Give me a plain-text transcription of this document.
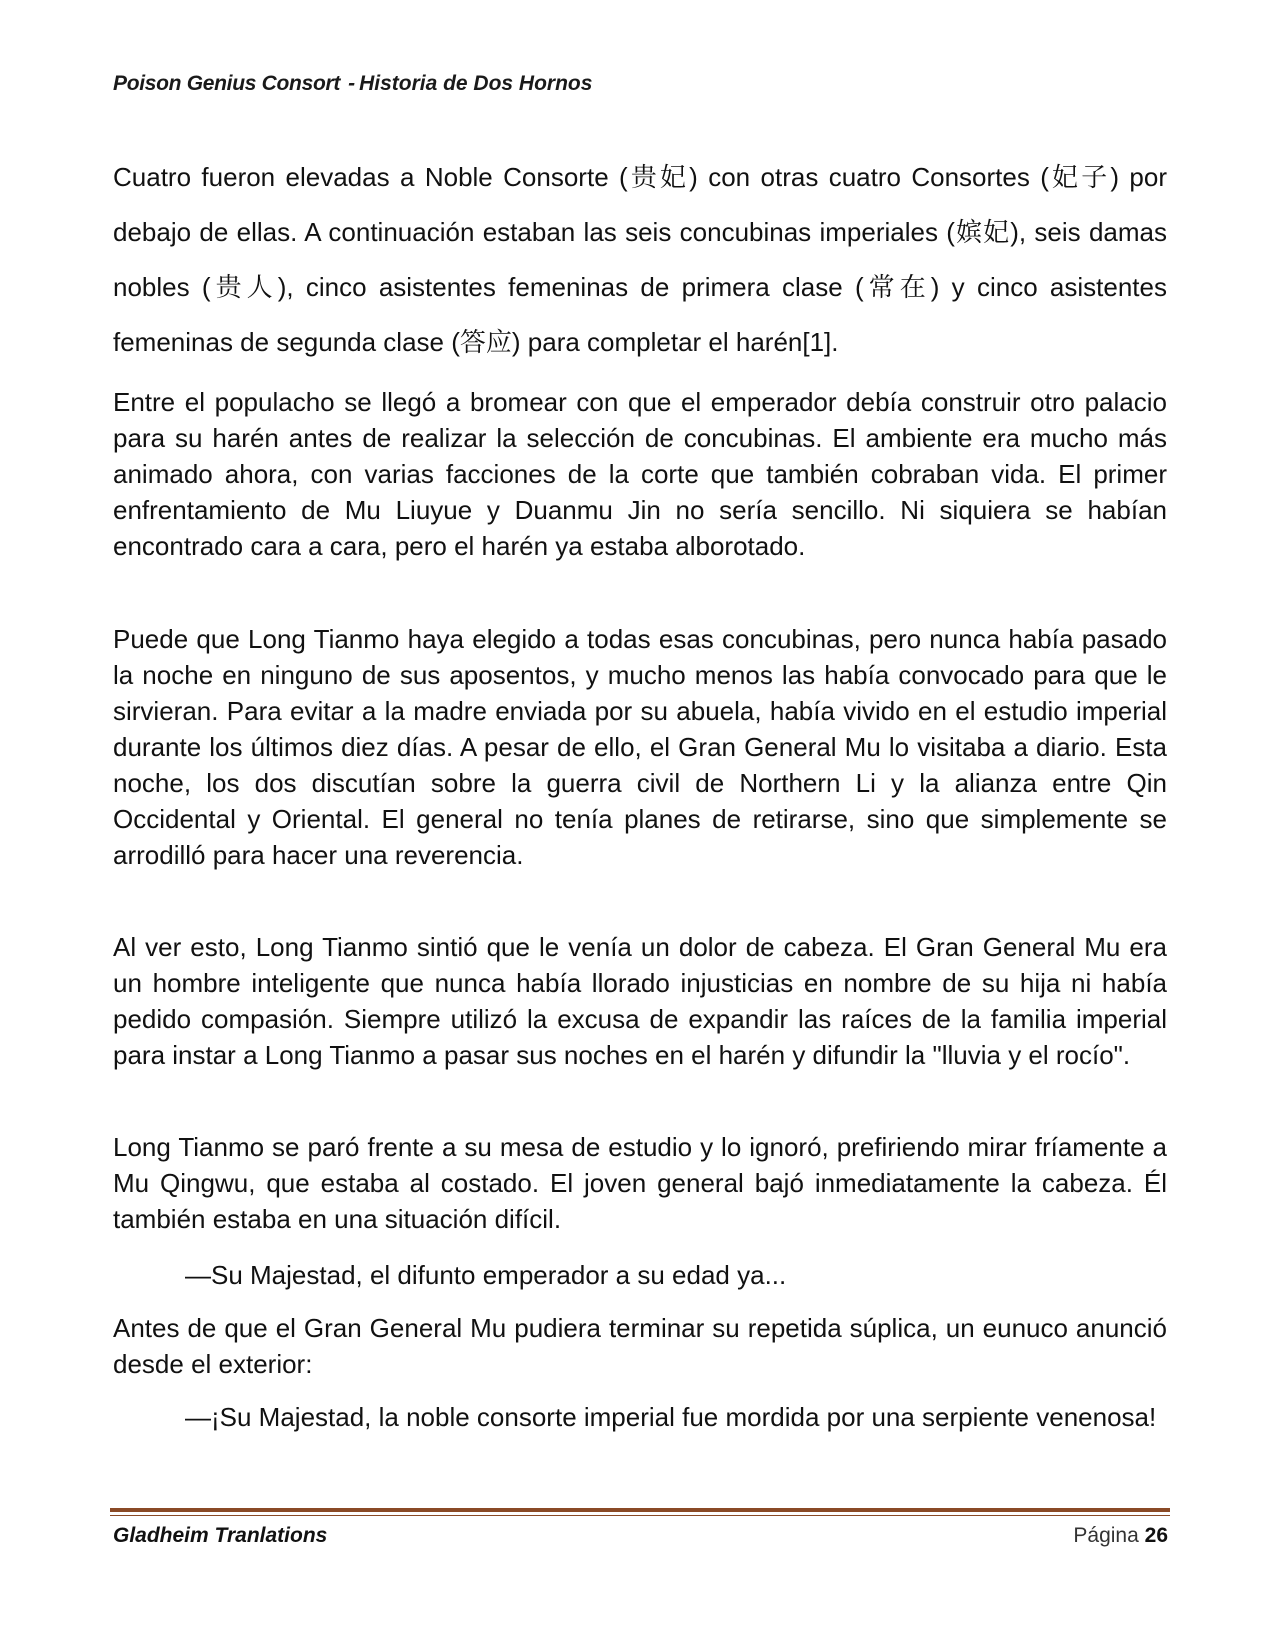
Poison Genius Consort - Historia de Dos Hornos

Cuatro fueron elevadas a Noble Consorte (贵妃) con otras cuatro Consortes (妃子) por debajo de ellas. A continuación estaban las seis concubinas imperiales (嫔妃), seis damas nobles (贵人), cinco asistentes femeninas de primera clase (常在) y cinco asistentes femeninas de segunda clase (答应) para completar el harén[1].

Entre el populacho se llegó a bromear con que el emperador debía construir otro palacio para su harén antes de realizar la selección de concubinas. El ambiente era mucho más animado ahora, con varias facciones de la corte que también cobraban vida. El primer enfrentamiento de Mu Liuyue y Duanmu Jin no sería sencillo. Ni siquiera se habían encontrado cara a cara, pero el harén ya estaba alborotado.

Puede que Long Tianmo haya elegido a todas esas concubinas, pero nunca había pasado la noche en ninguno de sus aposentos, y mucho menos las había convocado para que le sirvieran. Para evitar a la madre enviada por su abuela, había vivido en el estudio imperial durante los últimos diez días. A pesar de ello, el Gran General Mu lo visitaba a diario. Esta noche, los dos discutían sobre la guerra civil de Northern Li y la alianza entre Qin Occidental y Oriental. El general no tenía planes de retirarse, sino que simplemente se arrodilló para hacer una reverencia.

Al ver esto, Long Tianmo sintió que le venía un dolor de cabeza. El Gran General Mu era un hombre inteligente que nunca había llorado injusticias en nombre de su hija ni había pedido compasión. Siempre utilizó la excusa de expandir las raíces de la familia imperial para instar a Long Tianmo a pasar sus noches en el harén y difundir la "lluvia y el rocío".

Long Tianmo se paró frente a su mesa de estudio y lo ignoró, prefiriendo mirar fríamente a Mu Qingwu, que estaba al costado. El joven general bajó inmediatamente la cabeza. Él también estaba en una situación difícil.

—Su Majestad, el difunto emperador a su edad ya...

Antes de que el Gran General Mu pudiera terminar su repetida súplica, un eunuco anunció desde el exterior:

—¡Su Majestad, la noble consorte imperial fue mordida por una serpiente venenosa!

Gladheim Tranlations	Página 26
